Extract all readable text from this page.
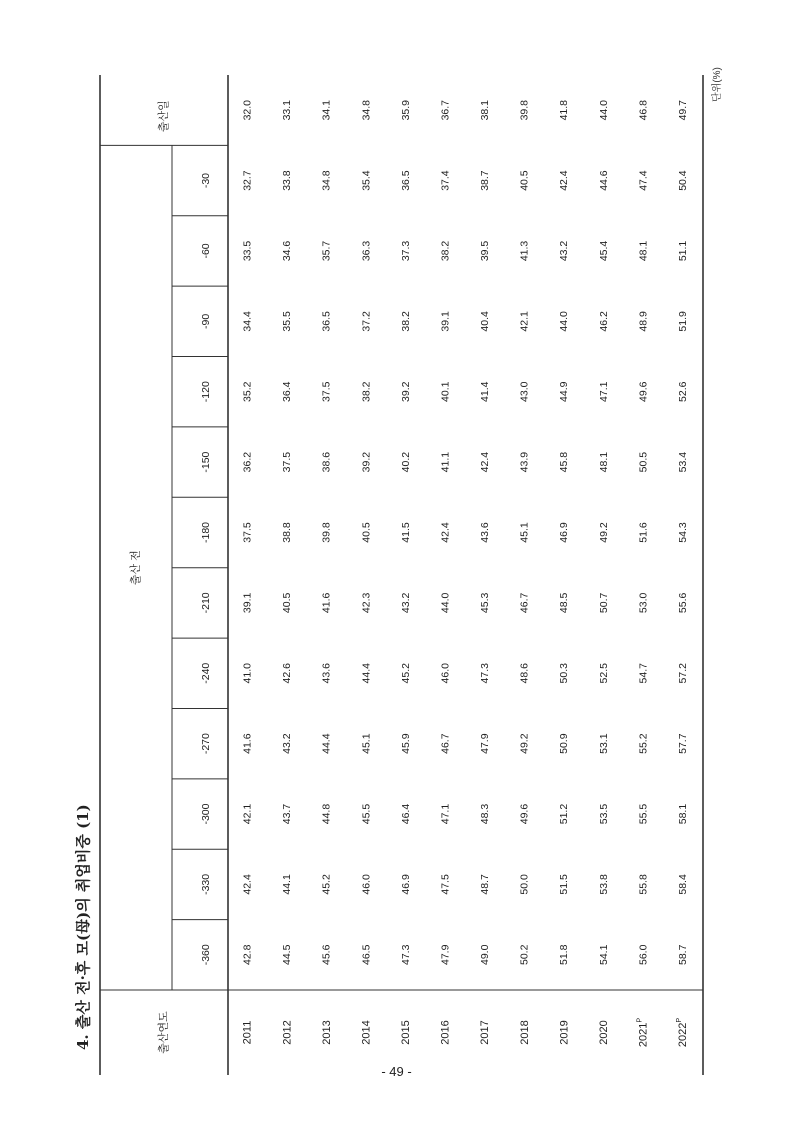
4. 출산 전·후 모(母)의 취업비중 (1)
단위(%)
출산연도
출산 전
출산일
-360
-330
-300
-270
-240
-210
-180
-150
-120
-90
-60
-30
2011
42.8
42.4
42.1
41.6
41.0
39.1
37.5
36.2
35.2
34.4
33.5
32.7
32.0
2012
44.5
44.1
43.7
43.2
42.6
40.5
38.8
37.5
36.4
35.5
34.6
33.8
33.1
2013
45.6
45.2
44.8
44.4
43.6
41.6
39.8
38.6
37.5
36.5
35.7
34.8
34.1
2014
46.5
46.0
45.5
45.1
44.4
42.3
40.5
39.2
38.2
37.2
36.3
35.4
34.8
2015
47.3
46.9
46.4
45.9
45.2
43.2
41.5
40.2
39.2
38.2
37.3
36.5
35.9
2016
47.9
47.5
47.1
46.7
46.0
44.0
42.4
41.1
40.1
39.1
38.2
37.4
36.7
2017
49.0
48.7
48.3
47.9
47.3
45.3
43.6
42.4
41.4
40.4
39.5
38.7
38.1
2018
50.2
50.0
49.6
49.2
48.6
46.7
45.1
43.9
43.0
42.1
41.3
40.5
39.8
2019
51.8
51.5
51.2
50.9
50.3
48.5
46.9
45.8
44.9
44.0
43.2
42.4
41.8
2020
54.1
53.8
53.5
53.1
52.5
50.7
49.2
48.1
47.1
46.2
45.4
44.6
44.0
$2021^P$
56.0
55.8
55.5
55.2
54.7
53.0
51.6
50.5
49.6
48.9
48.1
47.4
46.8
$2022^P$
58.7
58.4
58.1
57.7
57.2
55.6
54.3
53.4
52.6
51.9
51.1
50.4
49.7
- 49 -
